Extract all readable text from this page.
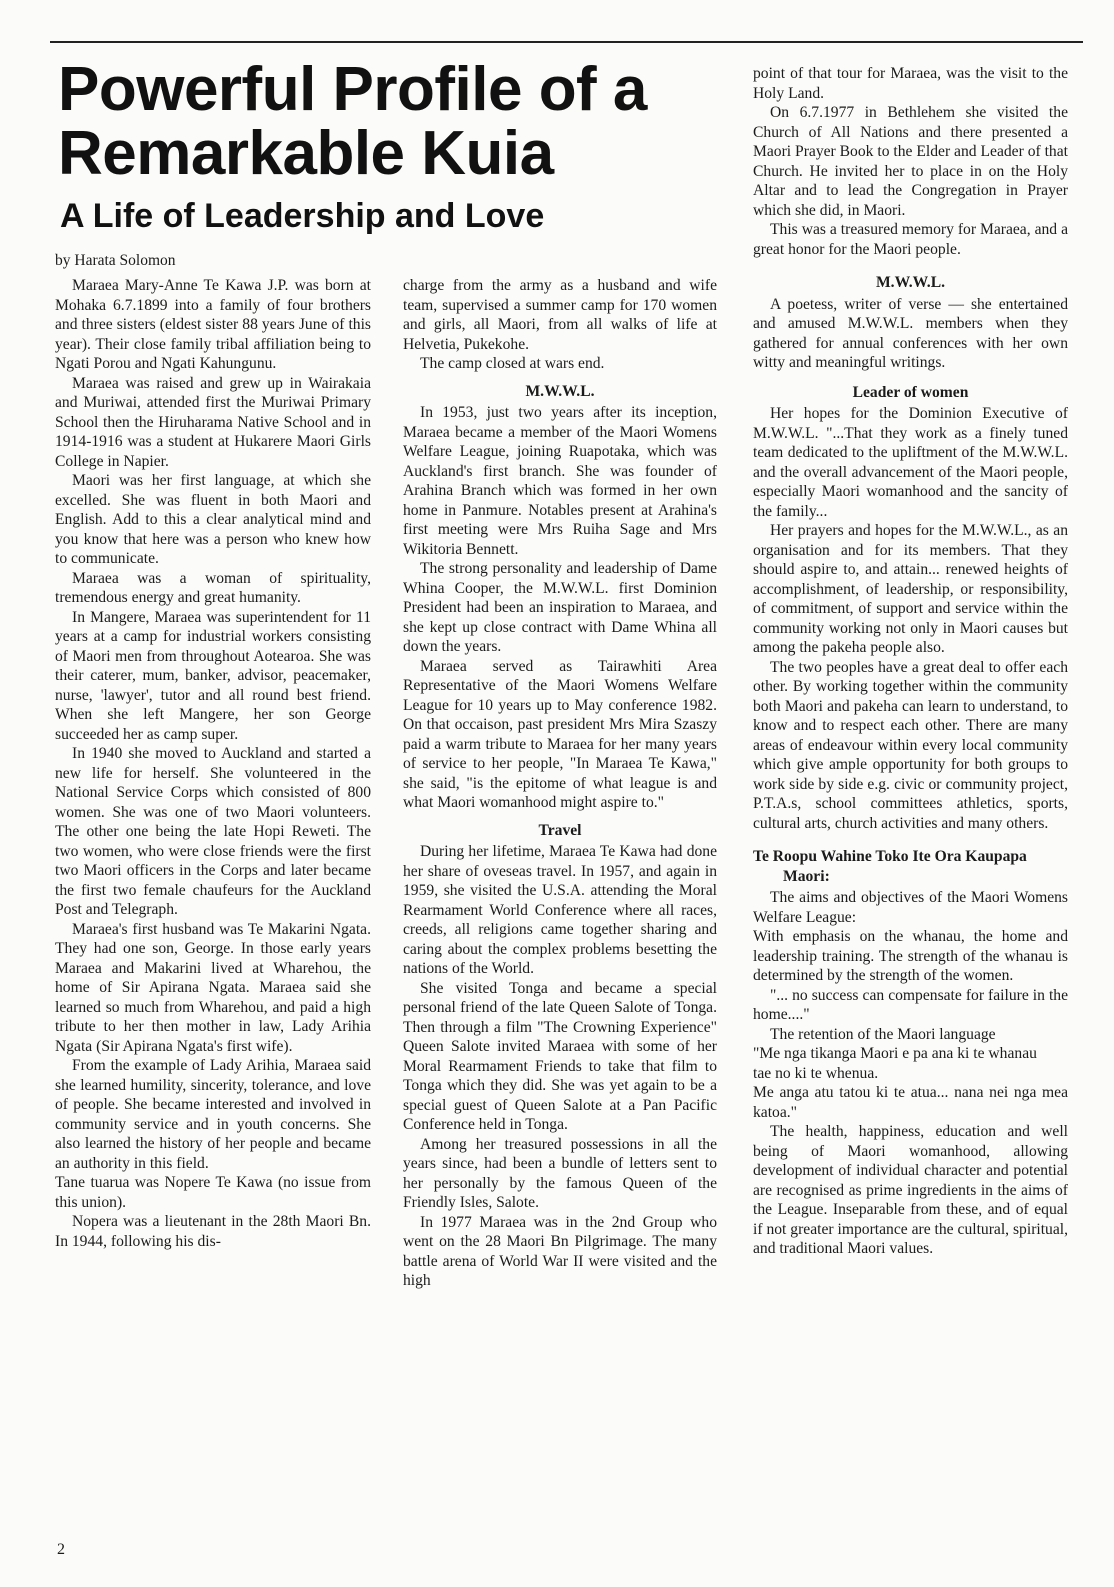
Powerful Profile of a Remarkable Kuia
A Life of Leadership and Love
by Harata Solomon

Maraea Mary-Anne Te Kawa J.P. was born at Mohaka 6.7.1899 into a family of four brothers and three sisters (eldest sister 88 years June of this year). Their close family tribal affiliation being to Ngati Porou and Ngati Kahungunu.

Maraea was raised and grew up in Wairakaia and Muriwai, attended first the Muriwai Primary School then the Hiruharama Native School and in 1914-1916 was a student at Hukarere Maori Girls College in Napier.

Maori was her first language, at which she excelled. She was fluent in both Maori and English. Add to this a clear analytical mind and you know that here was a person who knew how to communicate.

Maraea was a woman of spirituality, tremendous energy and great humanity.

In Mangere, Maraea was superintendent for 11 years at a camp for industrial workers consisting of Maori men from throughout Aotearoa. She was their caterer, mum, banker, advisor, peacemaker, nurse, 'lawyer', tutor and all round best friend. When she left Mangere, her son George succeeded her as camp super.

In 1940 she moved to Auckland and started a new life for herself. She volunteered in the National Service Corps which consisted of 800 women. She was one of two Maori volunteers. The other one being the late Hopi Reweti. The two women, who were close friends were the first two Maori officers in the Corps and later became the first two female chaufeurs for the Auckland Post and Telegraph.

Maraea's first husband was Te Makarini Ngata. They had one son, George. In those early years Maraea and Makarini lived at Wharehou, the home of Sir Apirana Ngata. Maraea said she learned so much from Wharehou, and paid a high tribute to her then mother in law, Lady Arihia Ngata (Sir Apirana Ngata's first wife).

From the example of Lady Arihia, Maraea said she learned humility, sincerity, tolerance, and love of people. She became interested and involved in community service and in youth concerns. She also learned the history of her people and became an authority in this field.

Tane tuarua was Nopere Te Kawa (no issue from this union).

Nopera was a lieutenant in the 28th Maori Bn. In 1944, following his dis-

charge from the army as a husband and wife team, supervised a summer camp for 170 women and girls, all Maori, from all walks of life at Helvetia, Pukekohe.

The camp closed at wars end.

M.W.W.L.

In 1953, just two years after its inception, Maraea became a member of the Maori Womens Welfare League, joining Ruapotaka, which was Auckland's first branch. She was founder of Arahina Branch which was formed in her own home in Panmure. Notables present at Arahina's first meeting were Mrs Ruiha Sage and Mrs Wikitoria Bennett.

The strong personality and leadership of Dame Whina Cooper, the M.W.W.L. first Dominion President had been an inspiration to Maraea, and she kept up close contract with Dame Whina all down the years.

Maraea served as Tairawhiti Area Representative of the Maori Womens Welfare League for 10 years up to May conference 1982. On that occaison, past president Mrs Mira Szaszy paid a warm tribute to Maraea for her many years of service to her people, "In Maraea Te Kawa," she said, "is the epitome of what league is and what Maori womanhood might aspire to."

Travel

During her lifetime, Maraea Te Kawa had done her share of oveseas travel. In 1957, and again in 1959, she visited the U.S.A. attending the Moral Rearmament World Conference where all races, creeds, all religions came together sharing and caring about the complex problems besetting the nations of the World.

She visited Tonga and became a special personal friend of the late Queen Salote of Tonga. Then through a film "The Crowning Experience" Queen Salote invited Maraea with some of her Moral Rearmament Friends to take that film to Tonga which they did. She was yet again to be a special guest of Queen Salote at a Pan Pacific Conference held in Tonga.

Among her treasured possessions in all the years since, had been a bundle of letters sent to her personally by the famous Queen of the Friendly Isles, Salote.

In 1977 Maraea was in the 2nd Group who went on the 28 Maori Bn Pilgrimage. The many battle arena of World War II were visited and the high

point of that tour for Maraea, was the visit to the Holy Land.

On 6.7.1977 in Bethlehem she visited the Church of All Nations and there presented a Maori Prayer Book to the Elder and Leader of that Church. He invited her to place in on the Holy Altar and to lead the Congregation in Prayer which she did, in Maori.

This was a treasured memory for Maraea, and a great honor for the Maori people.

M.W.W.L.

A poetess, writer of verse — she entertained and amused M.W.W.L. members when they gathered for annual conferences with her own witty and meaningful writings.

Leader of women

Her hopes for the Dominion Executive of M.W.W.L. "...That they work as a finely tuned team dedicated to the upliftment of the M.W.W.L. and the overall advancement of the Maori people, especially Maori womanhood and the sancity of the family...

Her prayers and hopes for the M.W.W.L., as an organisation and for its members. That they should aspire to, and attain... renewed heights of accomplishment, of leadership, or responsibility, of commitment, of support and service within the community working not only in Maori causes but among the pakeha people also.

The two peoples have a great deal to offer each other. By working together within the community both Maori and pakeha can learn to understand, to know and to respect each other. There are many areas of endeavour within every local community which give ample opportunity for both groups to work side by side e.g. civic or community project, P.T.A.s, school committees athletics, sports, cultural arts, church activities and many others.

Te Roopu Wahine Toko Ite Ora Kaupapa Maori:

The aims and objectives of the Maori Womens Welfare League:

With emphasis on the whanau, the home and leadership training. The strength of the whanau is determined by the strength of the women.

"... no success can compensate for failure in the home...."

The retention of the Maori language

"Me nga tikanga Maori e pa ana ki te whanau

tae no ki te whenua.

Me anga atu tatou ki te atua... nana nei nga mea katoa."

The health, happiness, education and well being of Maori womanhood, allowing development of individual character and potential are recognised as prime ingredients in the aims of the League. Inseparable from these, and of equal if not greater importance are the cultural, spiritual, and traditional Maori values.

2
